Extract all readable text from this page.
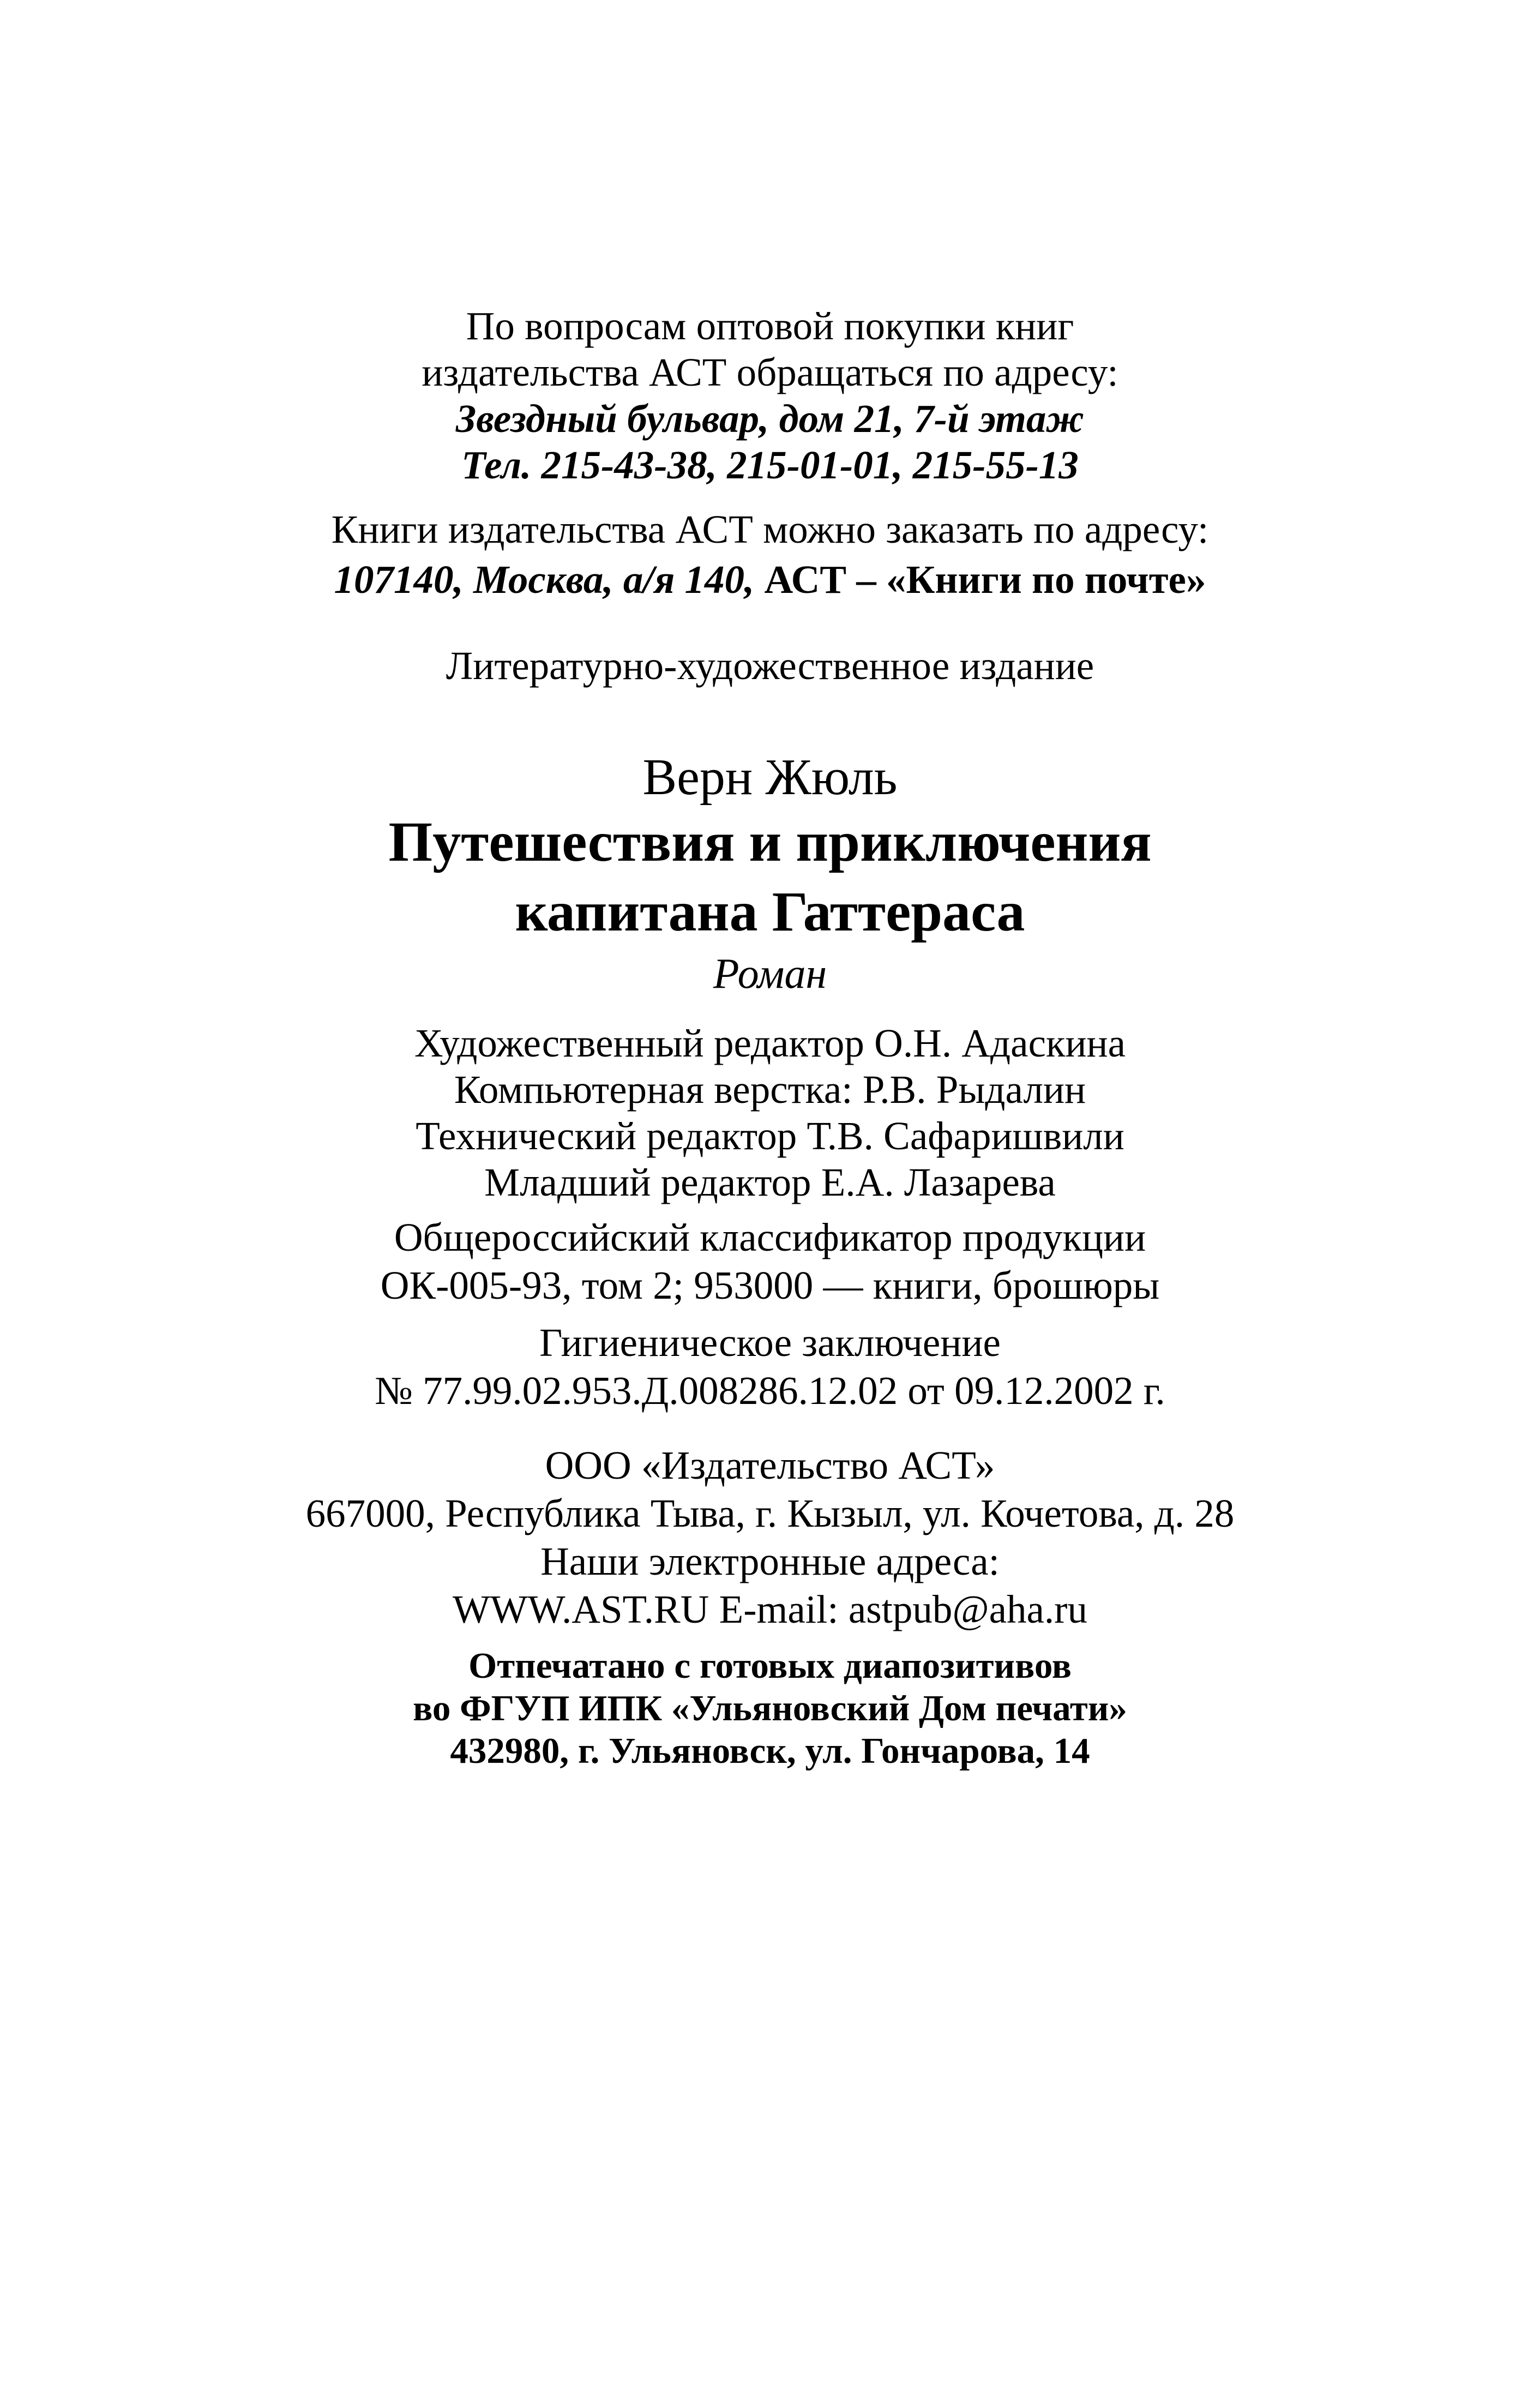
По вопросам оптовой покупки книг
издательства АСТ обращаться по адресу:
Звездный бульвар, дом 21, 7-й этаж
Тел. 215-43-38, 215-01-01, 215-55-13
Книги издательства АСТ можно заказать по адресу:
107140, Москва, а/я 140, АСТ – «Книги по почте»
Литературно-художественное издание
Верн Жюль
Путешествия и приключения
капитана Гаттераса
Роман
Художественный редактор О.Н. Адаскина
Компьютерная верстка: Р.В. Рыдалин
Технический редактор Т.В. Сафаришвили
Младший редактор Е.А. Лазарева
Общероссийский классификатор продукции
ОК-005-93, том 2; 953000 — книги, брошюры
Гигиеническое заключение
№ 77.99.02.953.Д.008286.12.02 от 09.12.2002 г.
ООО «Издательство АСТ»
667000, Республика Тыва, г. Кызыл, ул. Кочетова, д. 28
Наши электронные адреса:
WWW.AST.RU E-mail: astpub@aha.ru
Отпечатано с готовых диапозитивов
во ФГУП ИПК «Ульяновский Дом печати»
432980, г. Ульяновск, ул. Гончарова, 14
